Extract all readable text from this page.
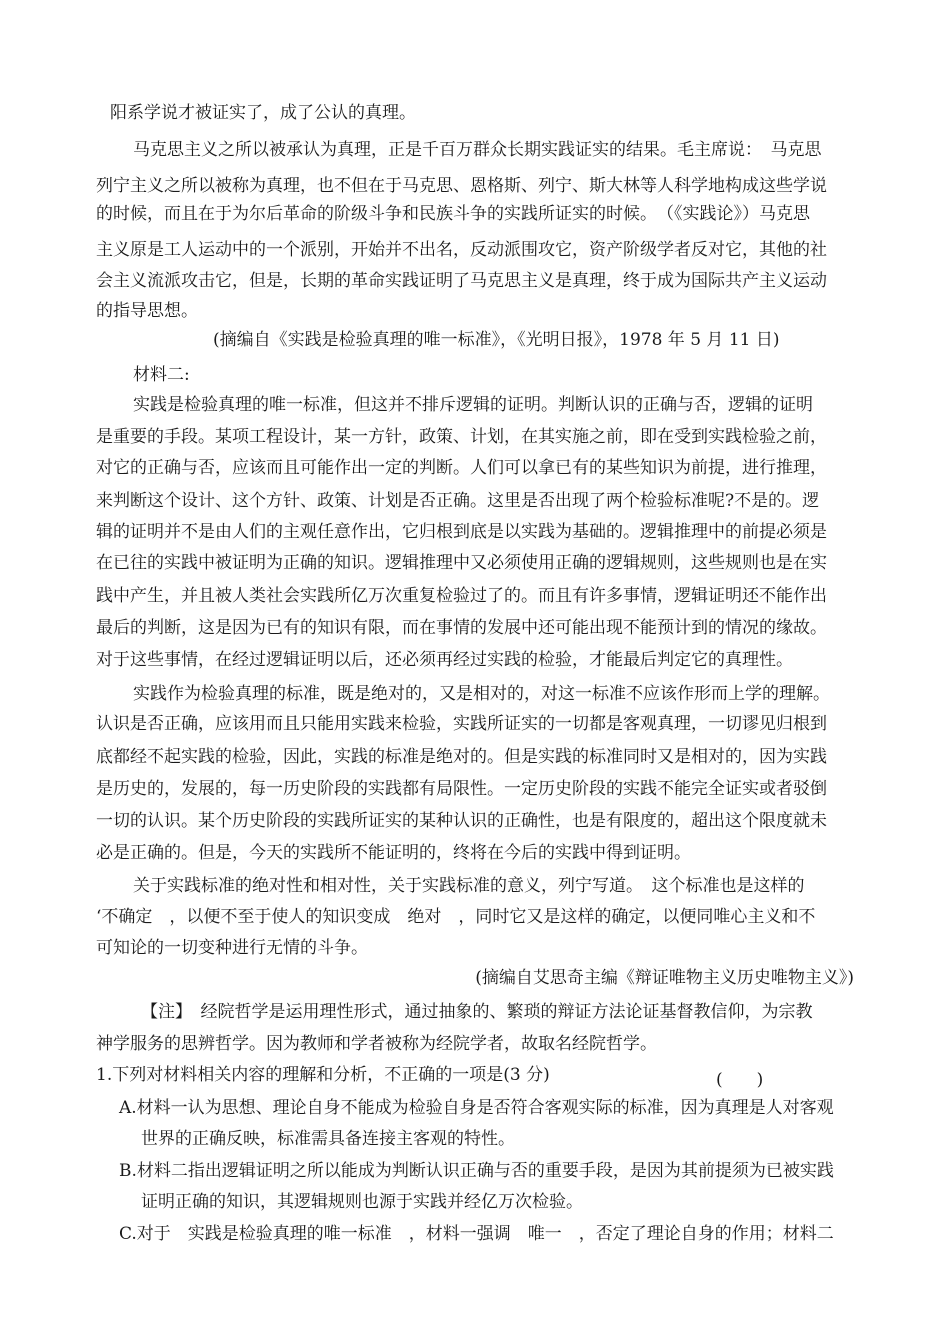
阳系学说才被证实了，成了公认的真理。
马克思主义之所以被承认为真理，正是千百万群众长期实践证实的结果。毛主席说：　马克思
列宁主义之所以被称为真理，也不但在于马克思、恩格斯、列宁、斯大林等人科学地构成这些学说
的时候，而且在于为尔后革命的阶级斗争和民族斗争的实践所证实的时候。　（《实践论》）马克思
主义原是工人运动中的一个派别，开始并不出名，反动派围攻它，资产阶级学者反对它，其他的社
会主义流派攻击它，但是，长期的革命实践证明了马克思主义是真理，终于成为国际共产主义运动
的指导思想。
(摘编自《实践是检验真理的唯一标准》，《光明日报》，1978 年 5 月 11 日)
材料二:
实践是检验真理的唯一标准，但这并不排斥逻辑的证明。判断认识的正确与否，逻辑的证明
是重要的手段。某项工程设计，某一方针，政策、计划，在其实施之前，即在受到实践检验之前，
对它的正确与否，应该而且可能作出一定的判断。人们可以拿已有的某些知识为前提，进行推理，
来判断这个设计、这个方针、政策、计划是否正确。这里是否出现了两个检验标准呢?不是的。逻
辑的证明并不是由人们的主观任意作出，它归根到底是以实践为基础的。逻辑推理中的前提必须是
在已往的实践中被证明为正确的知识。逻辑推理中又必须使用正确的逻辑规则，这些规则也是在实
践中产生，并且被人类社会实践所亿万次重复检验过了的。而且有许多事情，逻辑证明还不能作出
最后的判断，这是因为已有的知识有限，而在事情的发展中还可能出现不能预计到的情况的缘故。
对于这些事情，在经过逻辑证明以后，还必须再经过实践的检验，才能最后判定它的真理性。
实践作为检验真理的标准，既是绝对的，又是相对的，对这一标准不应该作形而上学的理解。
认识是否正确，应该用而且只能用实践来检验，实践所证实的一切都是客观真理，一切谬见归根到
底都经不起实践的检验，因此，实践的标准是绝对的。但是实践的标准同时又是相对的，因为实践
是历史的，发展的，每一历史阶段的实践都有局限性。一定历史阶段的实践不能完全证实或者驳倒
一切的认识。某个历史阶段的实践所证实的某种认识的正确性，也是有限度的，超出这个限度就未
必是正确的。但是，今天的实践所不能证明的，终将在今后的实践中得到证明。
关于实践标准的绝对性和相对性，关于实践标准的意义，列宁写道。　这个标准也是这样的
‘不确定　，以便不至于使人的知识变成　绝对　，同时它又是这样的确定，以便同唯心主义和不
可知论的一切变种进行无情的斗争。
(摘编自艾思奇主编《辩证唯物主义历史唯物主义》)
【注】　经院哲学是运用理性形式，通过抽象的、繁琐的辩证方法论证基督教信仰，为宗教
神学服务的思辨哲学。因为教师和学者被称为经院学者，故取名经院哲学。
1.下列对材料相关内容的理解和分析，不正确的一项是(3 分)	(　　)
A.材料一认为思想、理论自身不能成为检验自身是否符合客观实际的标准，因为真理是人对客观
世界的正确反映，标准需具备连接主客观的特性。
B.材料二指出逻辑证明之所以能成为判断认识正确与否的重要手段，是因为其前提须为已被实践
证明正确的知识，其逻辑规则也源于实践并经亿万次检验。
C.对于　实践是检验真理的唯一标准　，材料一强调　唯一　，否定了理论自身的作用；材料二
